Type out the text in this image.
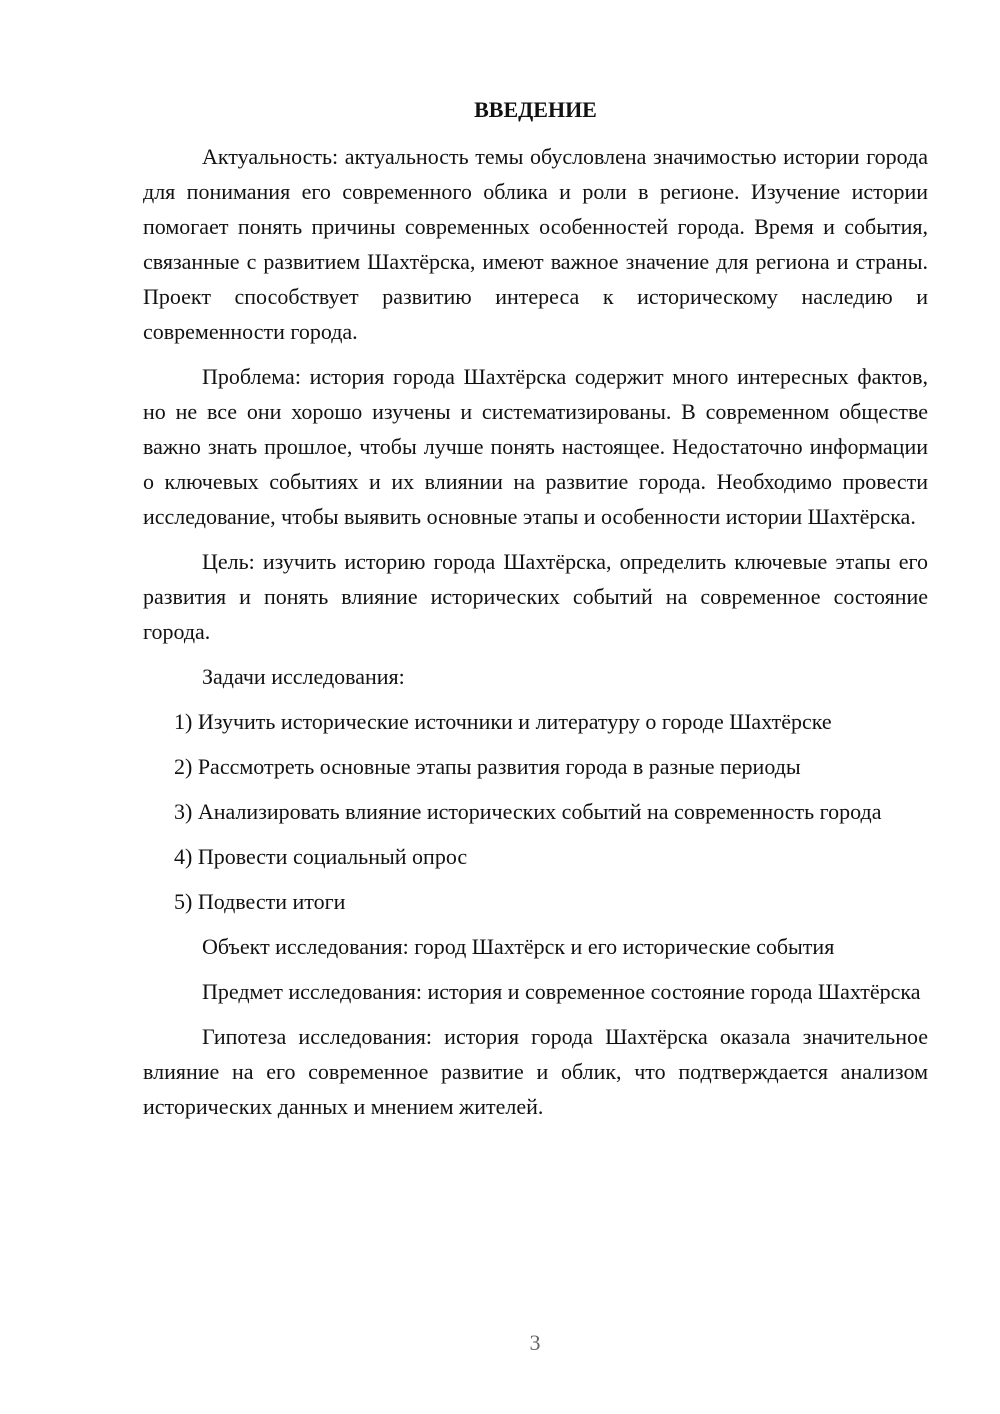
ВВЕДЕНИЕ

Актуальность: актуальность темы обусловлена значимостью истории города для понимания его современного облика и роли в регионе. Изучение истории помогает понять причины современных особенностей города. Время и события, связанные с развитием Шахтёрска, имеют важное значение для региона и страны. Проект способствует развитию интереса к историческому наследию и современности города.

Проблема: история города Шахтёрска содержит много интересных фактов, но не все они хорошо изучены и систематизированы. В современном обществе важно знать прошлое, чтобы лучше понять настоящее. Недостаточно информации о ключевых событиях и их влиянии на развитие города. Необходимо провести исследование, чтобы выявить основные этапы и особенности истории Шахтёрска.

Цель: изучить историю города Шахтёрска, определить ключевые этапы его развития и понять влияние исторических событий на современное состояние города.

Задачи исследования:

1) Изучить исторические источники и литературу о городе Шахтёрске

2) Рассмотреть основные этапы развития города в разные периоды

3) Анализировать влияние исторических событий на современность города

4) Провести социальный опрос

5) Подвести итоги

Объект исследования: город Шахтёрск и его исторические события

Предмет исследования: история и современное состояние города Шахтёрска

Гипотеза исследования: история города Шахтёрска оказала значительное влияние на его современное развитие и облик, что подтверждается анализом исторических данных и мнением жителей.

3
